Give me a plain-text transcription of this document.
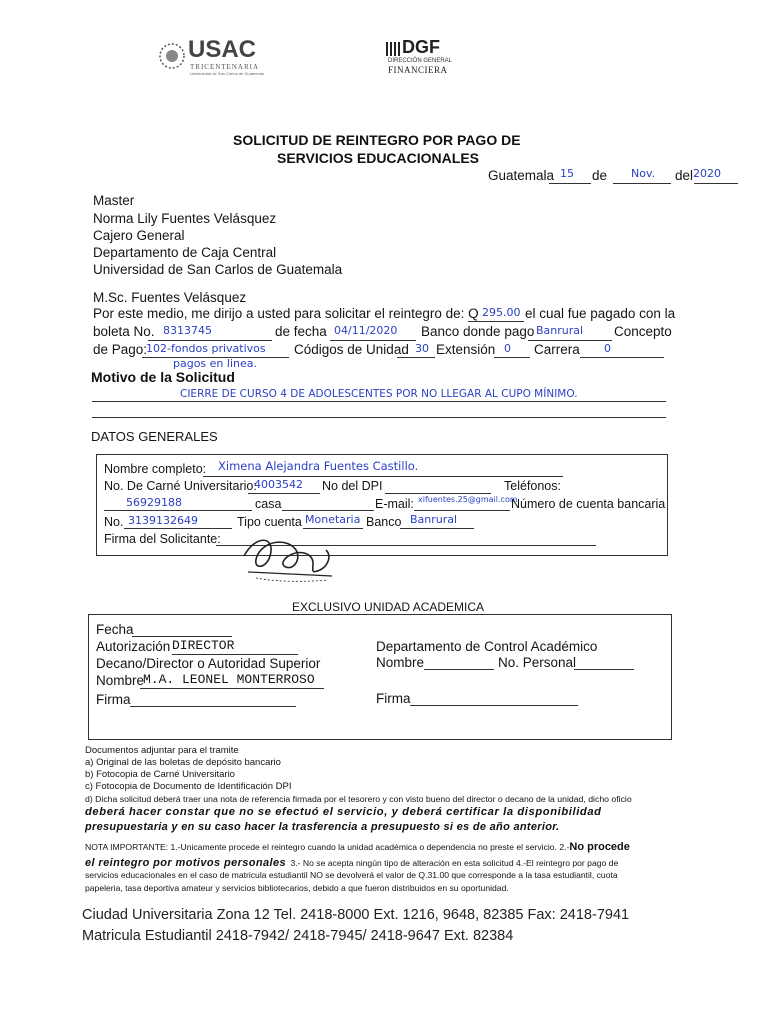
USAC
TRICENTENARIA
Universidad de San Carlos de Guatemala
DGF
DIRECCIÓN GENERAL
FINANCIERA
SOLICITUD DE REINTEGRO POR PAGO DE
SERVICIOS EDUCACIONALES
Guatemala 15 de Nov. del 2020
Master
Norma Lily Fuentes Velásquez
Cajero General
Departamento de Caja Central
Universidad de San Carlos de Guatemala
M.Sc. Fuentes Velásquez
Por este medio, me dirijo a usted para solicitar el reintegro de: Q 295.00 el cual fue pagado con la
boleta No. 8313745	de fecha 04/11/2020 Banco donde pago Banrural Concepto
de Pago:
102-fondos privativos
pagos en linea.
Códigos de Unidad 30 Extensión 0 Carrera 0
Motivo de la Solicitud
CIERRE DE CURSO 4 DE ADOLESCENTES POR NO LLEGAR AL CUPO MÍNIMO.
DATOS GENERALES
Nombre completo: Ximena Alejandra Fuentes Castillo.
No. De Carné Universitario:
4003542 No del DPI	Teléfonos:
56929188	casa	E-mail: xifuentes.25@gmail.com
Número de cuenta bancaria
No. 3139132649	Tipo cuenta Monetaria Banco Banrural
Firma del Solicitante:
EXCLUSIVO UNIDAD ACADEMICA
Fecha
Autorización DIRECTOR
Decano/Director o Autoridad Superior
Nombre
M.A. LEONEL MONTERROSO
Firma
Departamento de Control Académico
Nombre	No. Personal
Firma
Documentos adjuntar para el tramite
a) Original de las boletas de depósito bancario
b) Fotocopia de Carné Universitario
c) Fotocopia de Documento de Identificación DPI
d) Dicha solicitud deberá traer una nota de referencia firmada por el tesorero y con visto bueno del director o decano de la unidad, dicho oficio
deberá hacer constar que no se efectuó el servicio, y deberá certificar la disponibilidad
presupuestaria y en su caso hacer la trasferencia a presupuesto si es de año anterior.
NOTA IMPORTANTE: 1.-Unicamente procede el reintegro cuando la unidad académica o dependencia no preste el servicio. 2.-No procede
el reintegro por motivos personales 3.- No se acepta ningún tipo de alteración en esta solicitud 4.-El reintegro por pago de
servicios educacionales en el caso de matricula estudiantil NO se devolverá el valor de Q.31.00 que corresponde a la tasa estudiantil, cuota
papeleria, tasa deportiva amateur y servicios bibliotecarios, debido a que fueron distribuidos en su oportunidad.
Ciudad Universitaria Zona 12 Tel. 2418-8000 Ext. 1216, 9648, 82385 Fax: 2418-7941
Matricula Estudiantil 2418-7942/ 2418-7945/ 2418-9647 Ext. 82384
